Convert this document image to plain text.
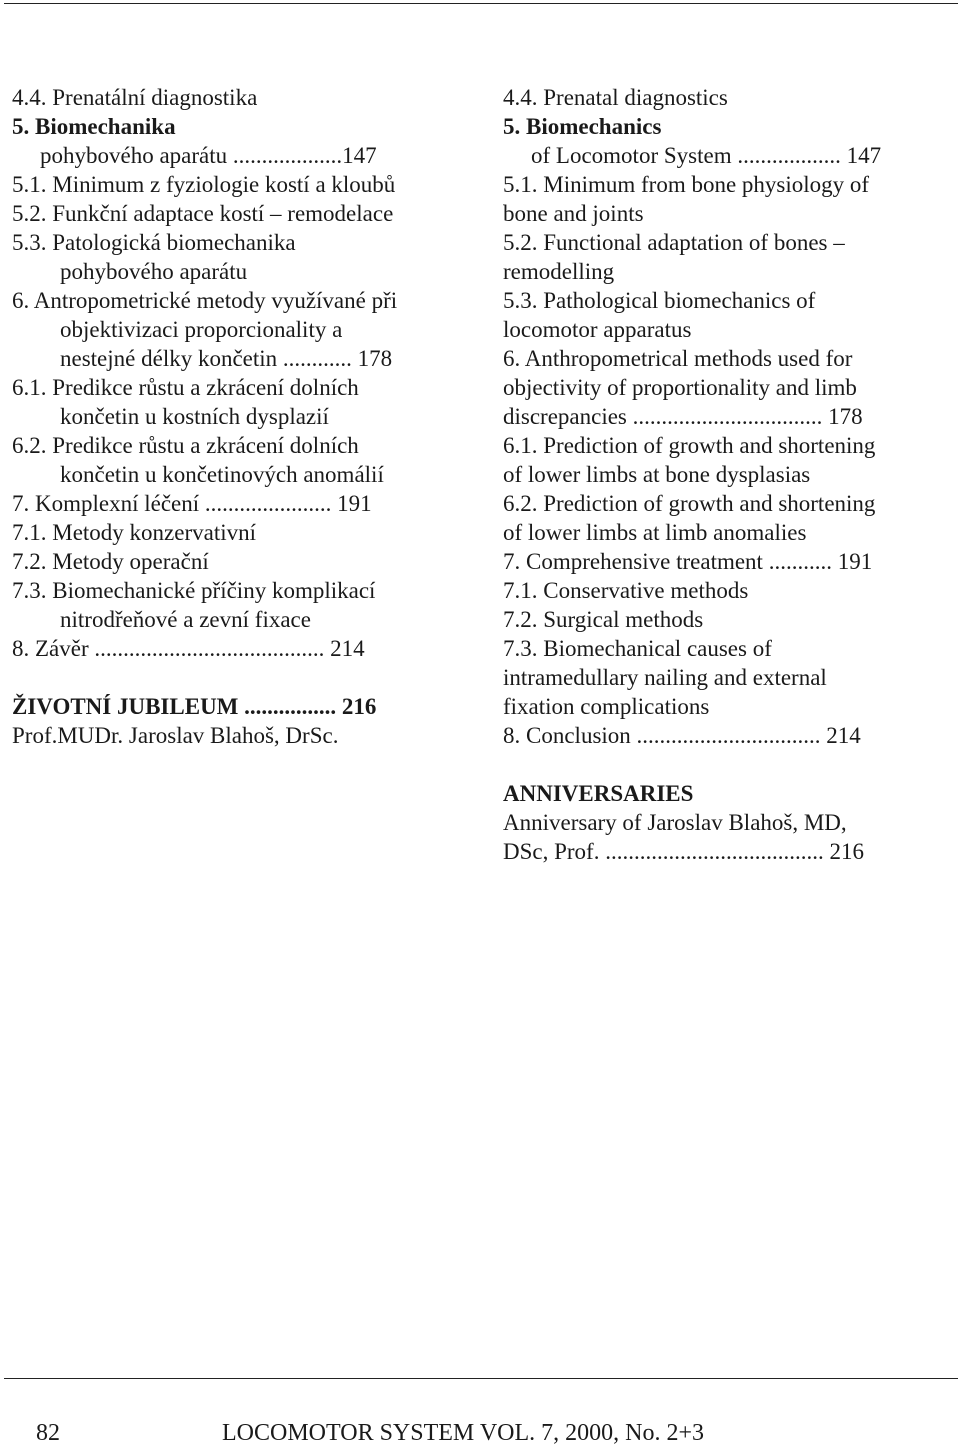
4.4. Prenatální diagnostika

5. Biomechanika

pohybového aparátu ...................147

5.1. Minimum z fyziologie kostí a kloubů

5.2. Funkční adaptace kostí – remodelace

5.3. Patologická biomechanika

pohybového aparátu

6. Antropometrické metody využívané při

objektivizaci proporcionality a

nestejné délky končetin ............ 178

6.1. Predikce růstu a zkrácení dolních

končetin u kostních dysplazií

6.2. Predikce růstu a zkrácení dolních

končetin u končetinových anomálií

7. Komplexní léčení ...................... 191

7.1. Metody konzervativní

7.2. Metody operační

7.3. Biomechanické příčiny komplikací

nitrodřeňové a zevní fixace

8. Závěr ........................................ 214

ŽIVOTNÍ JUBILEUM ................ 216

Prof.MUDr. Jaroslav Blahoš, DrSc.

4.4. Prenatal diagnostics

5. Biomechanics

of Locomotor System .................. 147

5.1. Minimum from bone physiology of

bone and joints

5.2. Functional adaptation of bones –

remodelling

5.3. Pathological biomechanics of

locomotor apparatus

6. Anthropometrical methods used for

objectivity of proportionality and limb

discrepancies ................................. 178

6.1. Prediction of growth and shortening

of lower limbs at bone dysplasias

6.2. Prediction of growth and shortening

of lower limbs at limb anomalies

7. Comprehensive treatment ........... 191

7.1. Conservative methods

7.2. Surgical methods

7.3. Biomechanical causes of

intramedullary nailing and external

fixation complications

8. Conclusion ................................ 214

ANNIVERSARIES

Anniversary of Jaroslav Blahoš, MD,

DSc, Prof. ...................................... 216

82	LOCOMOTOR SYSTEM VOL. 7, 2000, No. 2+3
